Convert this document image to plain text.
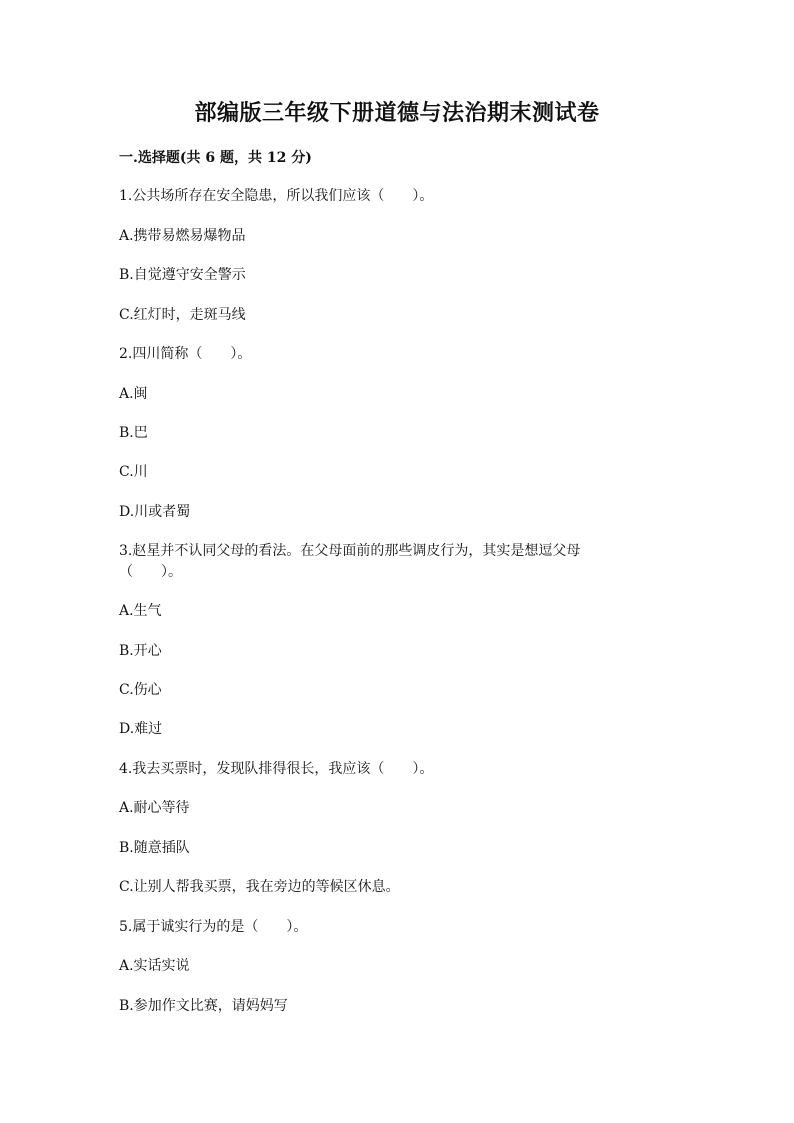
部编版三年级下册道德与法治期末测试卷
一.选择题(共 6 题，共 12 分)
1.公共场所存在安全隐患，所以我们应该（　　）。
A.携带易燃易爆物品
B.自觉遵守安全警示
C.红灯时，走斑马线
2.四川简称（　　）。
A.闽
B.巴
C.川
D.川或者蜀
3.赵星并不认同父母的看法。在父母面前的那些调皮行为，其实是想逗父母
（　　）。
A.生气
B.开心
C.伤心
D.难过
4.我去买票时，发现队排得很长，我应该（　　）。
A.耐心等待
B.随意插队
C.让别人帮我买票，我在旁边的等候区休息。
5.属于诚实行为的是（　　）。
A.实话实说
B.参加作文比赛，请妈妈写
